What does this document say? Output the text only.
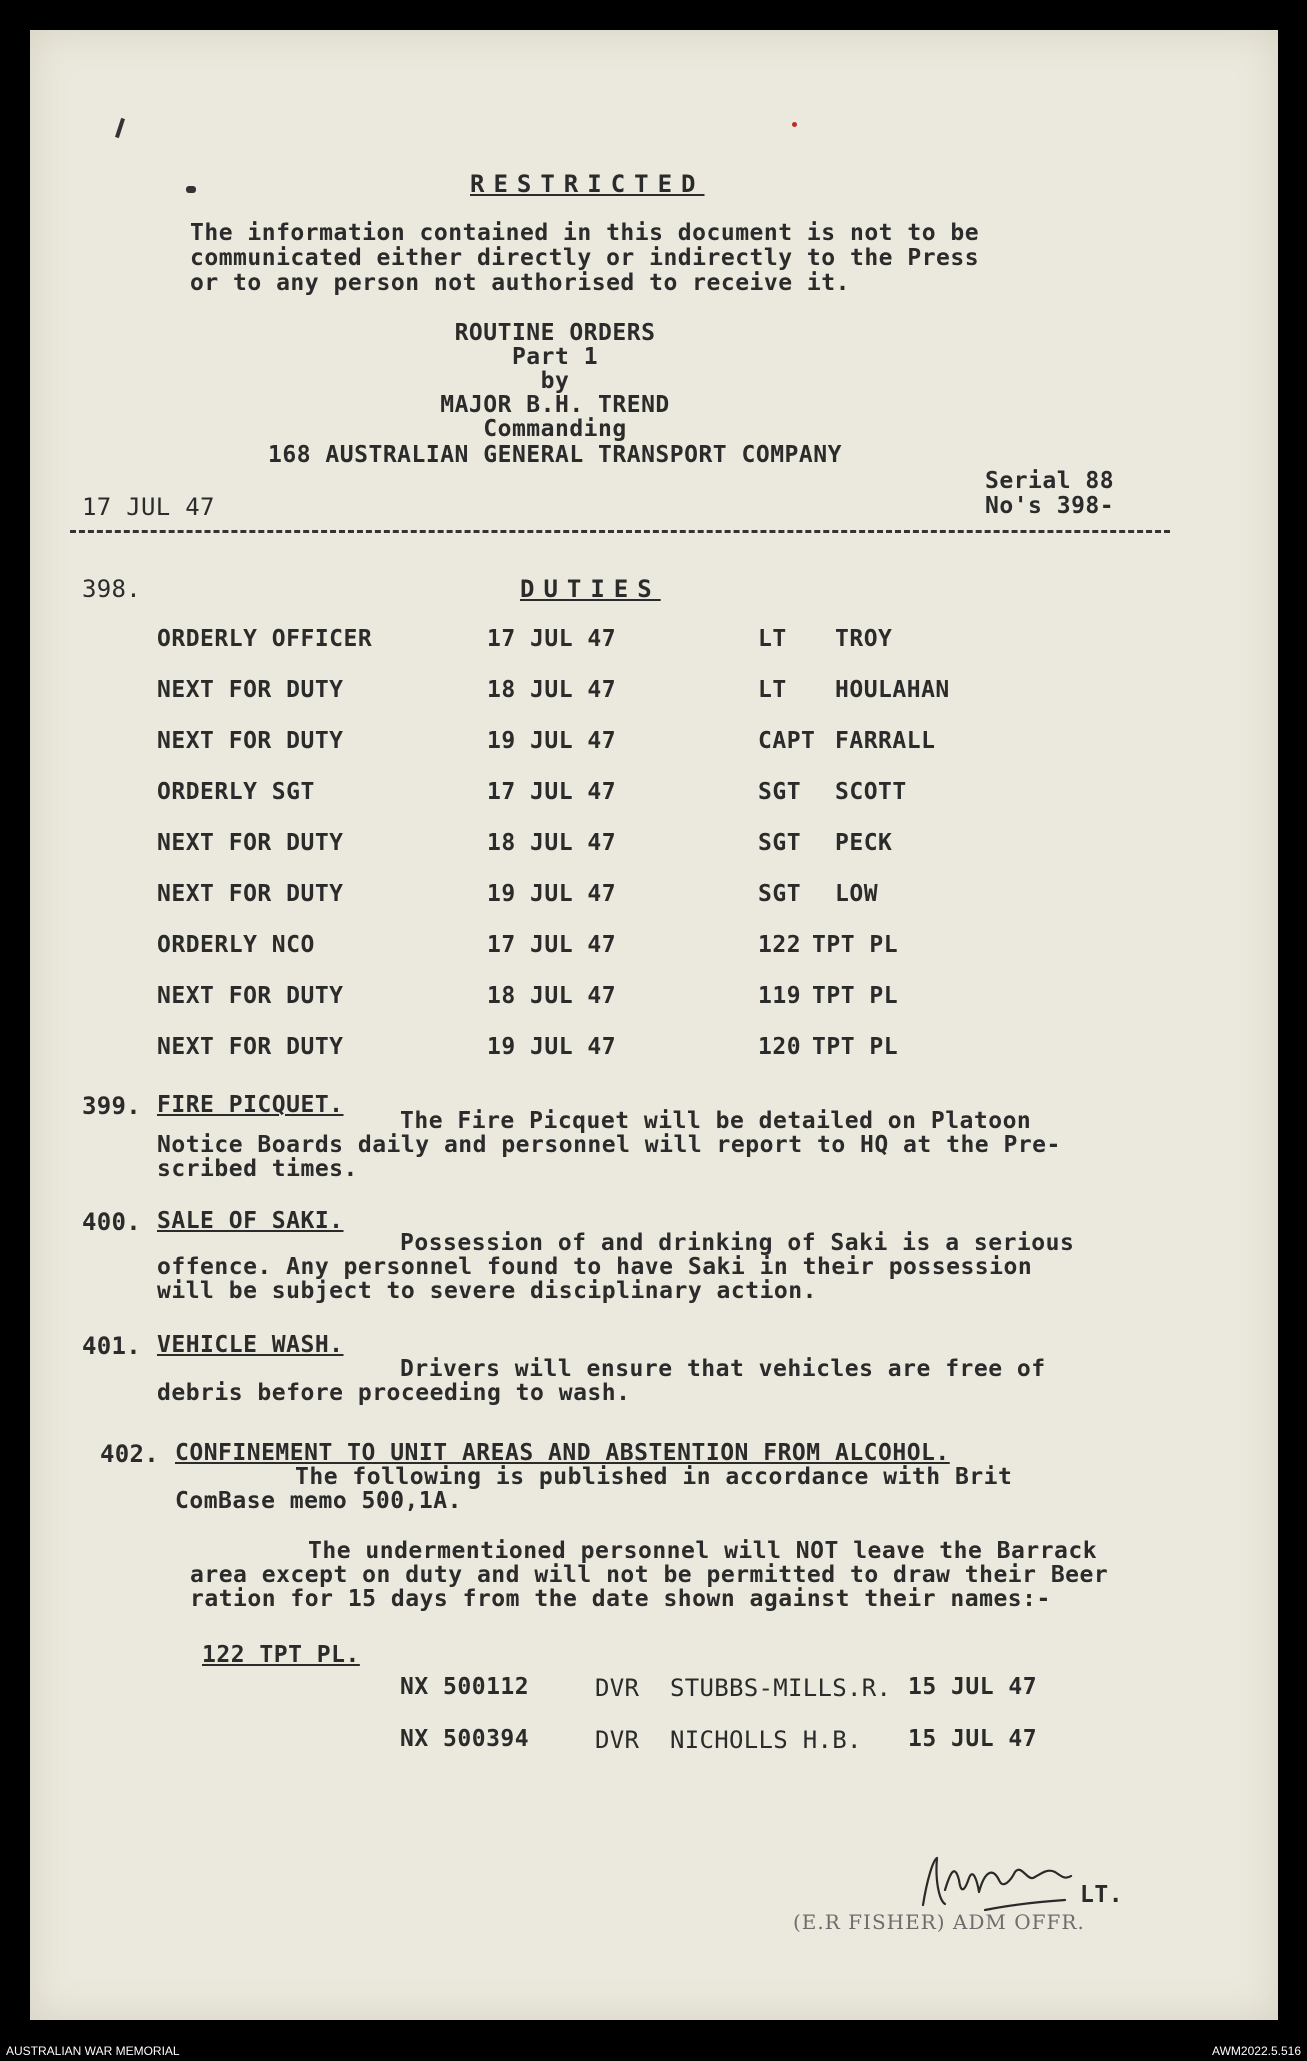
RESTRICTED
The information contained in this document is not to be
communicated either directly or indirectly to the Press
or to any person not authorised to receive it.
ROUTINE ORDERS
Part 1
by
MAJOR B.H. TREND
Commanding
168 AUSTRALIAN GENERAL TRANSPORT COMPANY
17 JUL 47
Serial 88
No's 398-
398.	DUTIES
ORDERLY OFFICER	17 JUL 47	LT TROY
NEXT FOR DUTY	18 JUL 47	LT HOULAHAN
NEXT FOR DUTY	19 JUL 47	CAPT FARRALL
ORDERLY SGT	17 JUL 47	SGT SCOTT
NEXT FOR DUTY	18 JUL 47	SGT PECK
NEXT FOR DUTY	19 JUL 47	SGT LOW
ORDERLY NCO	17 JUL 47	122 TPT PL
NEXT FOR DUTY	18 JUL 47	119 TPT PL
NEXT FOR DUTY	19 JUL 47	120 TPT PL
399. FIRE PICQUET.
The Fire Picquet will be detailed on Platoon
Notice Boards daily and personnel will report to HQ at the Pre-
scribed times.
400. SALE OF SAKI.
Possession of and drinking of Saki is a serious
offence. Any personnel found to have Saki in their possession
will be subject to severe disciplinary action.
401. VEHICLE WASH.
Drivers will ensure that vehicles are free of
debris before proceeding to wash.
402. CONFINEMENT TO UNIT AREAS AND ABSTENTION FROM ALCOHOL.
The following is published in accordance with Brit
ComBase memo 500,1A.
The undermentioned personnel will NOT leave the Barrack
area except on duty and will not be permitted to draw their Beer
ration for 15 days from the date shown against their names:-
122 TPT PL.
NX 500112	DVR STUBBS-MILLS.R. 15 JUL 47
NX 500394	DVR NICHOLLS H.B. 15 JUL 47
LT.
(E.R FISHER) ADM OFFR.
AUSTRALIAN WAR MEMORIAL	AWM2022.5.516
